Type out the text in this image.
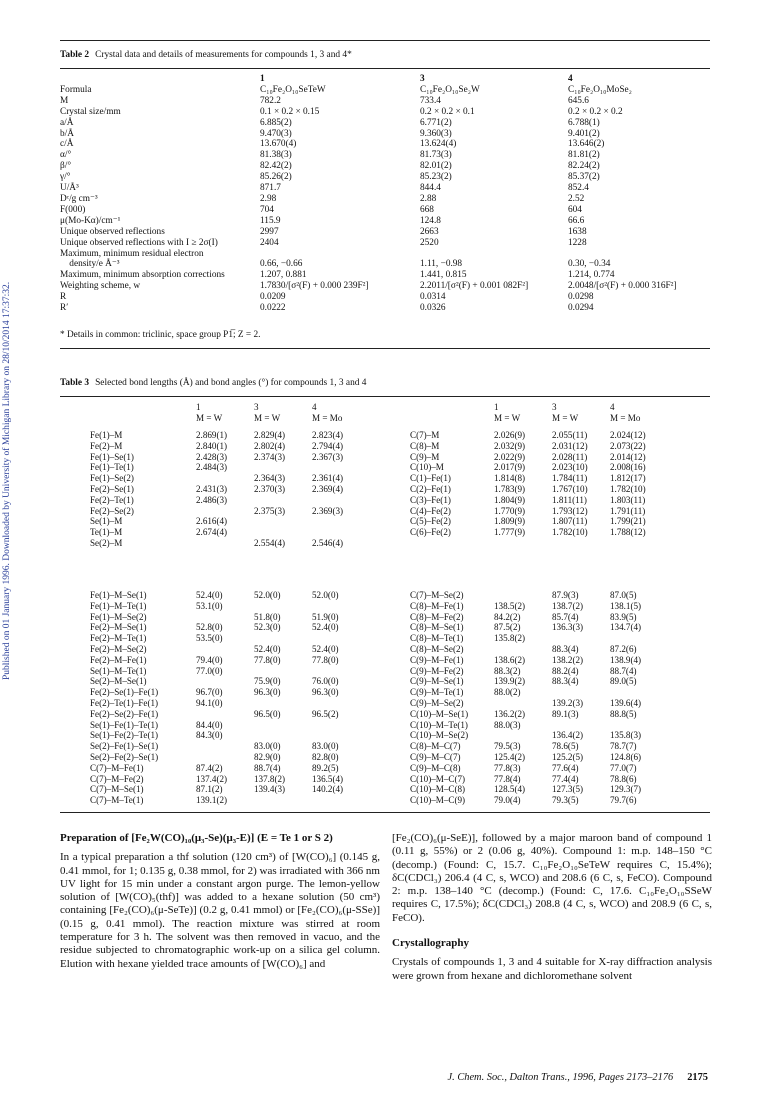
Published on 01 January 1996. Downloaded by University of Michigan Library on 28/10/2014 17:37:32.
Table 2 Crystal data and details of measurements for compounds 1, 3 and 4*
	1	3	4
Formula	C₁₀Fe₂O₁₀SeTeW	C₁₀Fe₂O₁₀Se₂W	C₁₀Fe₂O₁₀MoSe₂
M	782.2	733.4	645.6
Crystal size/mm	0.1 × 0.2 × 0.15	0.2 × 0.2 × 0.1	0.2 × 0.2 × 0.2
a/Å	6.885(2)	6.771(2)	6.788(1)
b/Å	9.470(3)	9.360(3)	9.401(2)
c/Å	13.670(4)	13.624(4)	13.646(2)
α/°	81.38(3)	81.73(3)	81.81(2)
β/°	82.42(2)	82.01(2)	82.24(2)
γ/°	85.26(2)	85.23(2)	85.37(2)
U/Å³	871.7	844.4	852.4
Dᶜ/g cm⁻³	2.98	2.88	2.52
F(000)	704	668	604
μ(Mo-Kα)/cm⁻¹	115.9	124.8	66.6
Unique observed reflections	2997	2663	1638
Unique observed reflections with I ≥ 2σ(I)	2404	2520	1228
Maximum, minimum residual electron			
 density/e Å⁻³	0.66, −0.66	1.11, −0.98	0.30, −0.34
Maximum, minimum absorption corrections	1.207, 0.881	1.441, 0.815	1.214, 0.774
Weighting scheme, w	1.7830/[σ²(F) + 0.000 239F²]	2.2011/[σ²(F) + 0.001 082F²]	2.0048/[σ²(F) + 0.000 316F²]
R	0.0209	0.0314	0.0298
R′	0.0222	0.0326	0.0294
* Details in common: triclinic, space group P1̅; Z = 2.
Table 3 Selected bond lengths (Å) and bond angles (°) for compounds 1, 3 and 4
	1	3	4
	M = W	M = W	M = Mo
	1	3	4
	M = W	M = W	M = Mo
Fe(1)–M	2.869(1)	2.829(4)	2.823(4)
Fe(2)–M	2.840(1)	2.802(4)	2.794(4)
Fe(1)–Se(1)	2.428(3)	2.374(3)	2.367(3)
Fe(1)–Te(1)	2.484(3)		
Fe(1)–Se(2)		2.364(3)	2.361(4)
Fe(2)–Se(1)	2.431(3)	2.370(3)	2.369(4)
Fe(2)–Te(1)	2.486(3)		
Fe(2)–Se(2)		2.375(3)	2.369(3)
Se(1)–M	2.616(4)		
Te(1)–M	2.674(4)		
Se(2)–M		2.554(4)	2.546(4)
C(7)–M	2.026(9)	2.055(11)	2.024(12)
C(8)–M	2.032(9)	2.031(12)	2.073(22)
C(9)–M	2.022(9)	2.028(11)	2.014(12)
C(10)–M	2.017(9)	2.023(10)	2.008(16)
C(1)–Fe(1)	1.814(8)	1.784(11)	1.812(17)
C(2)–Fe(1)	1.783(9)	1.767(10)	1.782(10)
C(3)–Fe(1)	1.804(9)	1.811(11)	1.803(11)
C(4)–Fe(2)	1.770(9)	1.793(12)	1.791(11)
C(5)–Fe(2)	1.809(9)	1.807(11)	1.799(21)
C(6)–Fe(2)	1.777(9)	1.782(10)	1.788(12)

Fe(1)–M–Se(1)	52.4(0)	52.0(0)	52.0(0)
Fe(1)–M–Te(1)	53.1(0)		
Fe(1)–M–Se(2)		51.8(0)	51.9(0)
Fe(2)–M–Se(1)	52.8(0)	52.3(0)	52.4(0)
Fe(2)–M–Te(1)	53.5(0)		
Fe(2)–M–Se(2)		52.4(0)	52.4(0)
Fe(2)–M–Fe(1)	79.4(0)	77.8(0)	77.8(0)
Se(1)–M–Te(1)	77.0(0)		
Se(2)–M–Se(1)		75.9(0)	76.0(0)
Fe(2)–Se(1)–Fe(1)	96.7(0)	96.3(0)	96.3(0)
Fe(2)–Te(1)–Fe(1)	94.1(0)		
Fe(2)–Se(2)–Fe(1)		96.5(0)	96.5(2)
Se(1)–Fe(1)–Te(1)	84.4(0)		
Se(1)–Fe(2)–Te(1)	84.3(0)		
Se(2)–Fe(1)–Se(1)		83.0(0)	83.0(0)
Se(2)–Fe(2)–Se(1)		82.9(0)	82.8(0)
C(7)–M–Fe(1)	87.4(2)	88.7(4)	89.2(5)
C(7)–M–Fe(2)	137.4(2)	137.8(2)	136.5(4)
C(7)–M–Se(1)	87.1(2)	139.4(3)	140.2(4)
C(7)–M–Te(1)	139.1(2)		
C(7)–M–Se(2)		87.9(3)	87.0(5)
C(8)–M–Fe(1)	138.5(2)	138.7(2)	138.1(5)
C(8)–M–Fe(2)	84.2(2)	85.7(4)	83.9(5)
C(8)–M–Se(1)	87.5(2)	136.3(3)	134.7(4)
C(8)–M–Te(1)	135.8(2)		
C(8)–M–Se(2)		88.3(4)	87.2(6)
C(9)–M–Fe(1)	138.6(2)	138.2(2)	138.9(4)
C(9)–M–Fe(2)	88.3(2)	88.2(4)	88.7(4)
C(9)–M–Se(1)	139.9(2)	88.3(4)	89.0(5)
C(9)–M–Te(1)	88.0(2)		
C(9)–M–Se(2)		139.2(3)	139.6(4)
C(10)–M–Se(1)	136.2(2)	89.1(3)	88.8(5)
C(10)–M–Te(1)	88.0(3)		
C(10)–M–Se(2)		136.4(2)	135.8(3)
C(8)–M–C(7)	79.5(3)	78.6(5)	78.7(7)
C(9)–M–C(7)	125.4(2)	125.2(5)	124.8(6)
C(9)–M–C(8)	77.8(3)	77.6(4)	77.0(7)
C(10)–M–C(7)	77.8(4)	77.4(4)	78.8(6)
C(10)–M–C(8)	128.5(4)	127.3(5)	129.3(7)
C(10)–M–C(9)	79.0(4)	79.3(5)	79.7(6)
Preparation of [Fe₂W(CO)₁₀(μ₃-Se)(μ₃-E)] (E = Te 1 or S 2)

In a typical preparation a thf solution (120 cm³) of [W(CO)₆] (0.145 g, 0.41 mmol, for 1; 0.135 g, 0.38 mmol, for 2) was irradiated with 366 nm UV light for 15 min under a constant argon purge. The lemon-yellow solution of [W(CO)₅(thf)] was added to a hexane solution (50 cm³) containing [Fe₂(CO)₆(μ-SeTe)] (0.2 g, 0.41 mmol) or [Fe₂(CO)₆(μ-SSe)] (0.15 g, 0.41 mmol). The reaction mixture was stirred at room temperature for 3 h. The solvent was then removed in vacuo, and the residue subjected to chromatographic work-up on a silica gel column. Elution with hexane yielded trace amounts of [W(CO)₆] and

[Fe₂(CO)₆(μ-SeE)], followed by a major maroon band of compound 1 (0.11 g, 55%) or 2 (0.06 g, 40%). Compound 1: m.p. 148–150 °C (decomp.) (Found: C, 15.7. C₁₀Fe₂O₁₀SeTeW requires C, 15.4%); δC(CDCl₃) 206.4 (4 C, s, WCO) and 208.6 (6 C, s, FeCO). Compound 2: m.p. 138–140 °C (decomp.) (Found: C, 17.6. C₁₀Fe₂O₁₀SSeW requires C, 17.5%); δC(CDCl₃) 208.8 (4 C, s, WCO) and 208.9 (6 C, s, FeCO).

Crystallography

Crystals of compounds 1, 3 and 4 suitable for X-ray diffraction analysis were grown from hexane and dichloromethane solvent

J. Chem. Soc., Dalton Trans., 1996, Pages 2173–2176 2175
